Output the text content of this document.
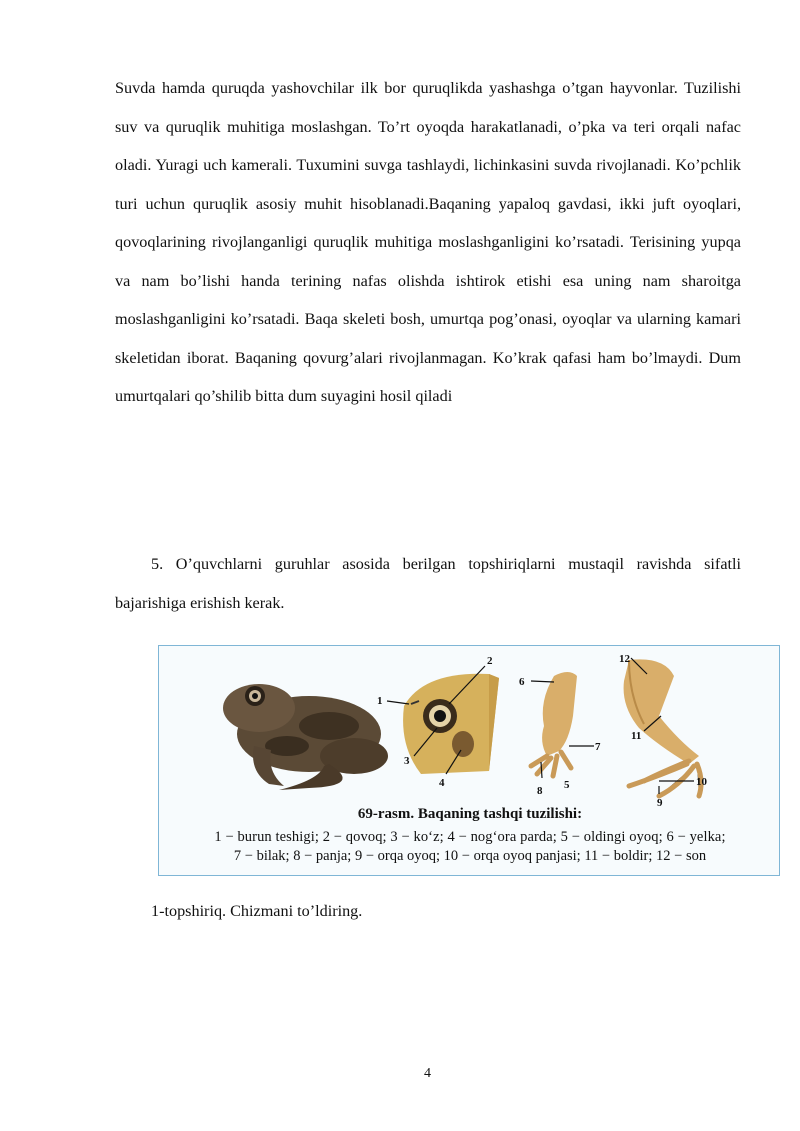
Suvda hamda quruqda yashovchilar ilk bor quruqlikda yashashga o’tgan hayvonlar. Tuzilishi suv va quruqlik muhitiga moslashgan. To’rt oyoqda harakatlanadi, o’pka va teri orqali nafac oladi. Yuragi uch kamerali. Tuxumini suvga tashlaydi, lichinkasini suvda rivojlanadi. Ko’pchlik turi uchun quruqlik asosiy muhit hisoblanadi.Baqaning yapaloq gavdasi, ikki juft oyoqlari, qovoqlarining rivojlanganligi quruqlik muhitiga moslashganligini ko’rsatadi. Terisining yupqa va nam bo’lishi handa terining nafas olishda ishtirok etishi esa uning nam sharoitga moslashganligini ko’rsatadi. Baqa skeleti bosh, umurtqa pog’onasi, oyoqlar va ularning kamari skeletidan iborat. Baqaning qovurg’alari rivojlanmagan. Ko’krak qafasi ham bo’lmaydi. Dum umurtqalari qo’shilib bitta dum suyagini hosil qiladi
5. O’quvchlarni guruhlar asosida berilgan topshiriqlarni mustaqil ravishda sifatli bajarishiga erishish kerak.
1
2
3
4	5
6
7
8
9
10
11
12
69-rasm. Baqaning tashqi tuzilishi:
1 − burun teshigi; 2 − qovoq; 3 − ko‘z; 4 − nog‘ora parda; 5 − oldingi oyoq; 6 − yelka;
7 − bilak; 8 − panja; 9 − orqa oyoq; 10 − orqa oyoq panjasi; 11 − boldir; 12 − son
1-topshiriq. Chizmani to’ldiring.
4
